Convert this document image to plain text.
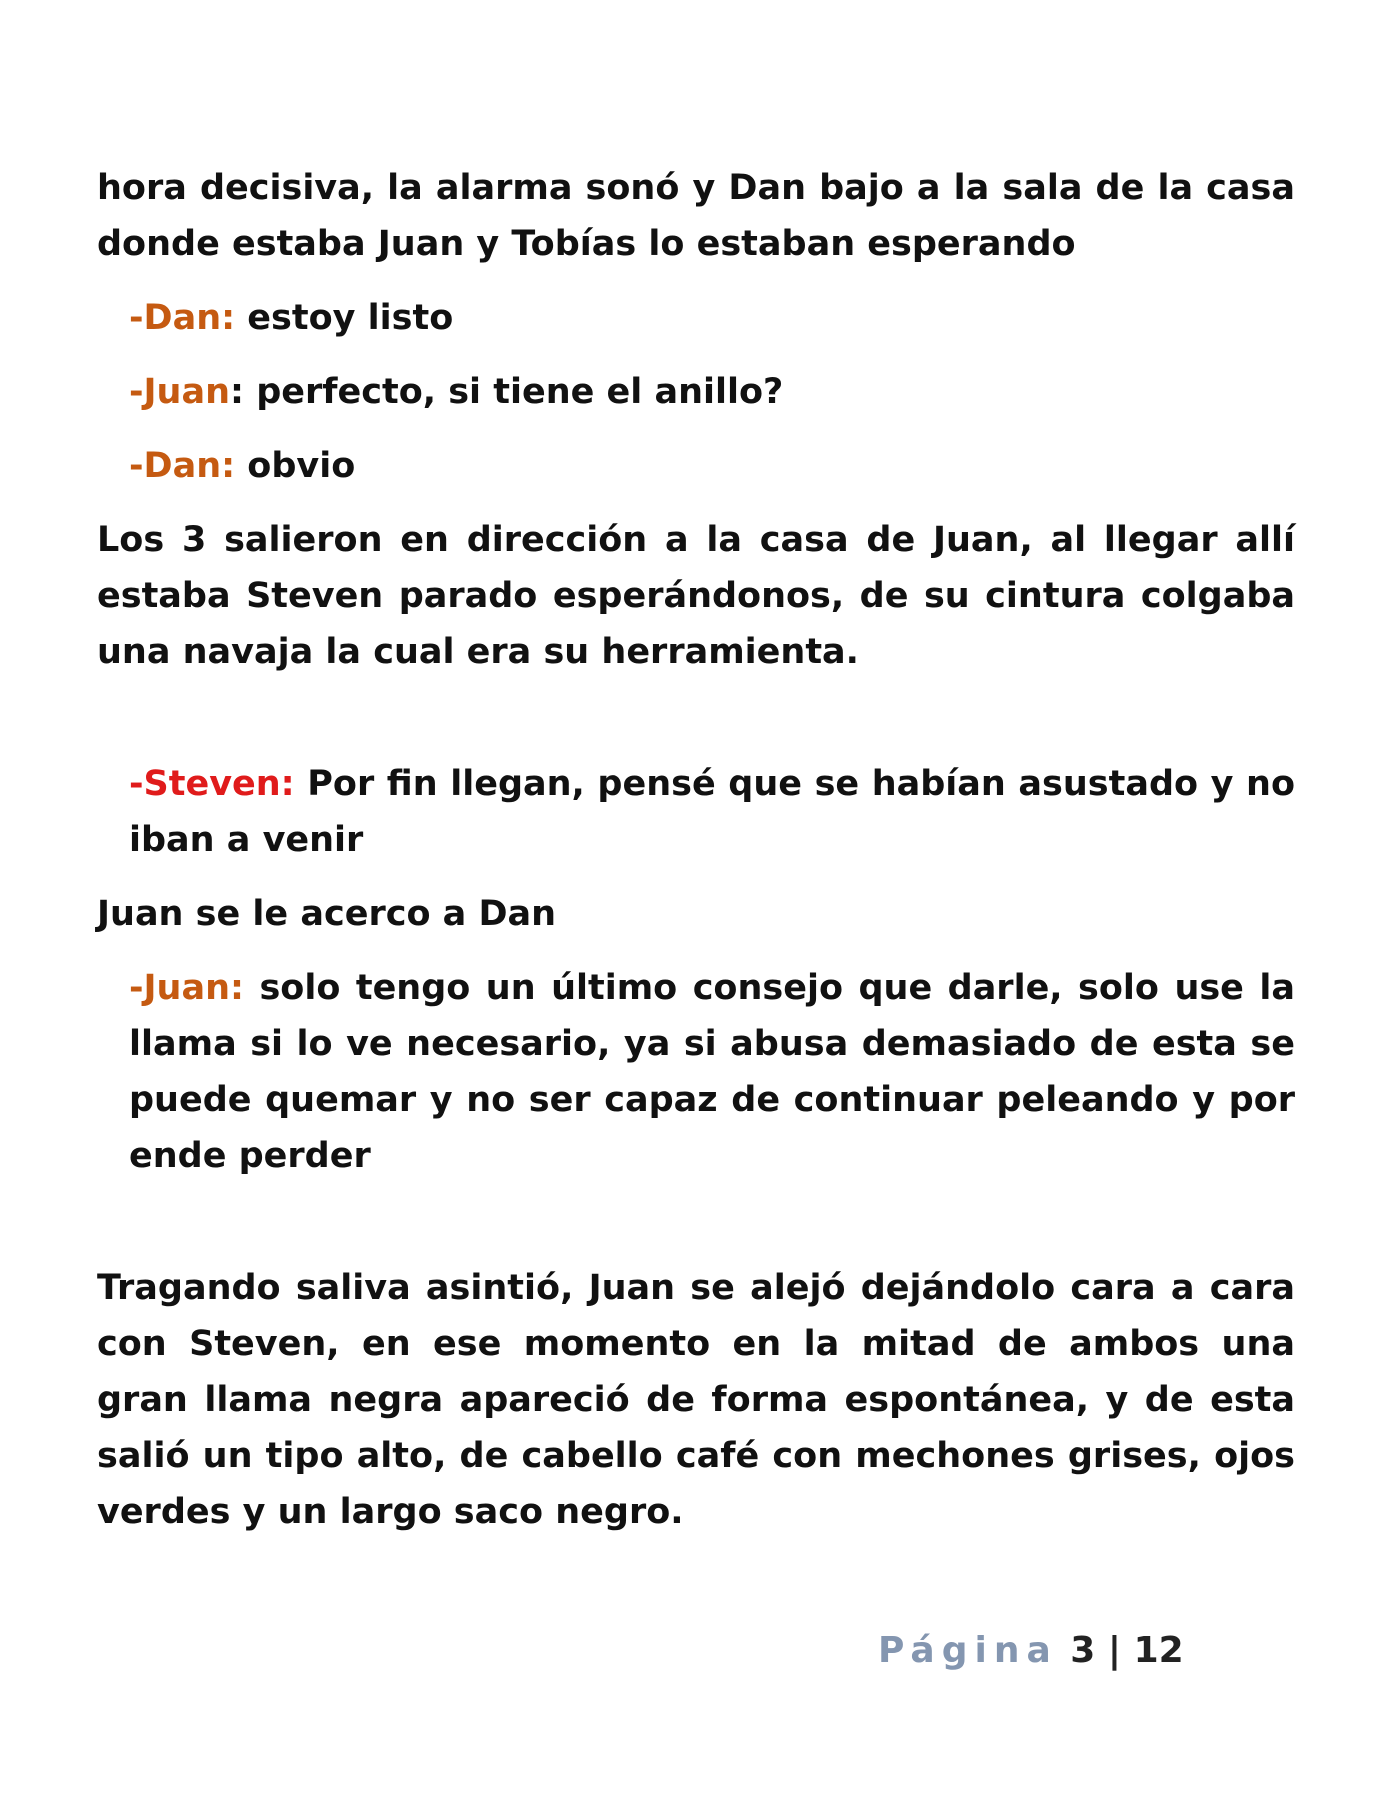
hora decisiva, la alarma sonó y Dan bajo a la sala de la casa donde estaba Juan y Tobías lo estaban esperando

-Dan: estoy listo

-Juan: perfecto, si tiene el anillo?

-Dan: obvio

Los 3 salieron en dirección a la casa de Juan, al llegar allí estaba Steven parado esperándonos, de su cintura colgaba una navaja la cual era su herramienta.

-Steven: Por fin llegan, pensé que se habían asustado y no iban a venir

Juan se le acerco a Dan

-Juan: solo tengo un último consejo que darle, solo use la llama si lo ve necesario, ya si abusa demasiado de esta se puede quemar y no ser capaz de continuar peleando y por ende perder

Tragando saliva asintió, Juan se alejó dejándolo cara a cara con Steven, en ese momento en la mitad de ambos una gran llama negra apareció de forma espontánea, y de esta salió un tipo alto, de cabello café con mechones grises, ojos verdes y un largo saco negro.

Página 3 | 12
